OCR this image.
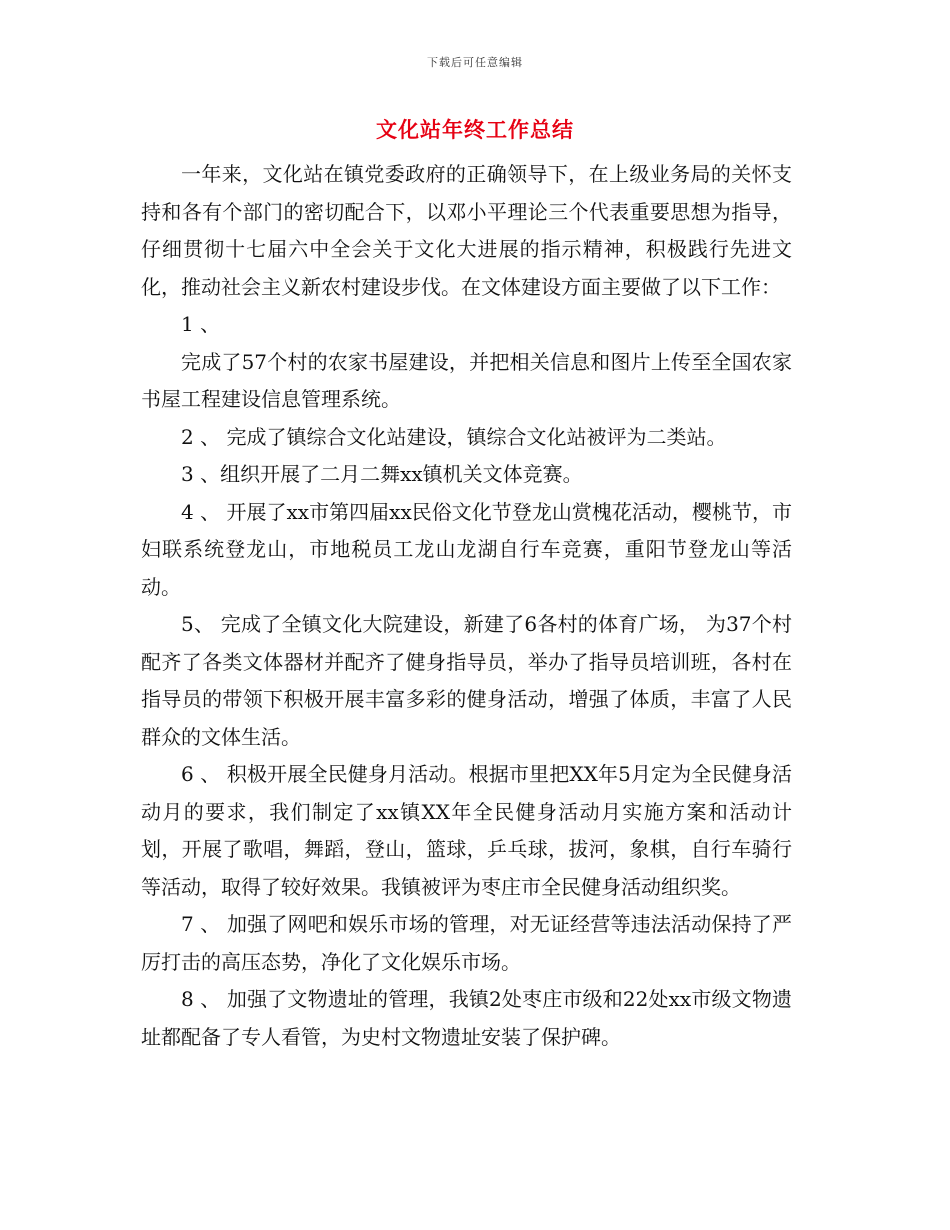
下载后可任意编辑
文化站年终工作总结

一年来，文化站在镇党委政府的正确领导下，在上级业务局的关怀支持和各有个部门的密切配合下，以邓小平理论三个代表重要思想为指导，仔细贯彻十七届六中全会关于文化大进展的指示精神，积极践行先进文化，推动社会主义新农村建设步伐。在文体建设方面主要做了以下工作：

1 、

完成了57个村的农家书屋建设，并把相关信息和图片上传至全国农家书屋工程建设信息管理系统。

2 、 完成了镇综合文化站建设，镇综合文化站被评为二类站。

3 、组织开展了二月二舞xx镇机关文体竞赛。

4 、 开展了xx市第四届xx民俗文化节登龙山赏槐花活动，樱桃节，市妇联系统登龙山，市地税员工龙山龙湖自行车竞赛，重阳节登龙山等活动。

5、 完成了全镇文化大院建设，新建了6各村的体育广场， 为37个村配齐了各类文体器材并配齐了健身指导员，举办了指导员培训班，各村在指导员的带领下积极开展丰富多彩的健身活动，增强了体质，丰富了人民群众的文体生活。

6 、 积极开展全民健身月活动。根据市里把XX年5月定为全民健身活动月的要求，我们制定了xx镇XX年全民健身活动月实施方案和活动计划，开展了歌唱，舞蹈，登山，篮球，乒乓球，拔河，象棋，自行车骑行等活动，取得了较好效果。我镇被评为枣庄市全民健身活动组织奖。

7 、 加强了网吧和娱乐市场的管理，对无证经营等违法活动保持了严厉打击的高压态势，净化了文化娱乐市场。

8 、 加强了文物遗址的管理，我镇2处枣庄市级和22处xx市级文物遗址都配备了专人看管，为史村文物遗址安装了保护碑。
